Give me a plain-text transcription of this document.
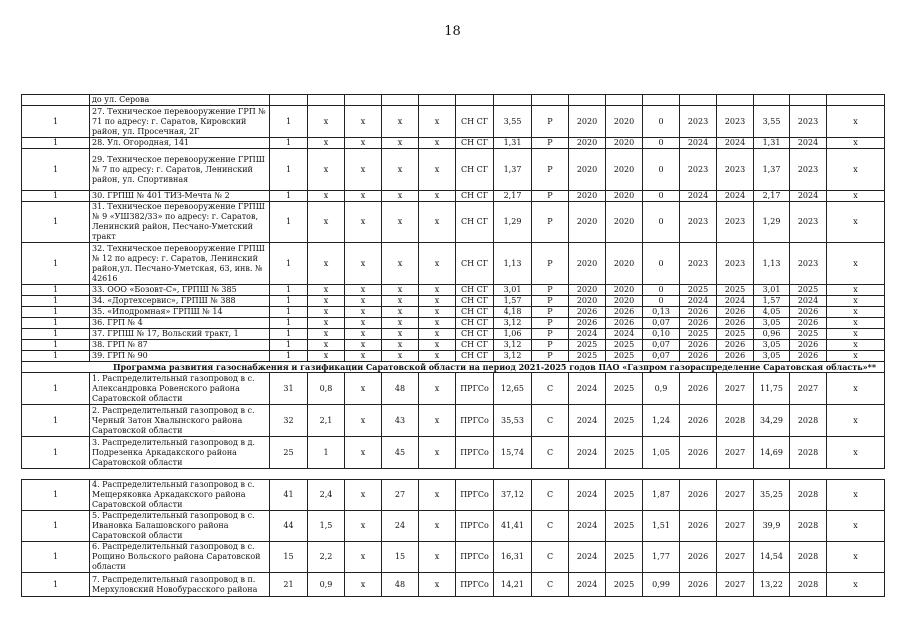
18
	до ул. Серова																
1	27. Техническое перевооружение ГРП № 71 по адресу: г. Саратов, Кировский район, ул. Просечная, 2Г	1	x	x	x	x	СН СГ	3,55	Р	2020	2020	0	2023	2023	3,55	2023	x
1	28. Ул. Огородная, 141	1	x	x	x	x	СН СГ	1,31	Р	2020	2020	0	2024	2024	1,31	2024	x
1	29. Техническое перевооружение ГРПШ № 7 по адресу: г. Саратов, Ленинский район, ул. Спортивная	1	x	x	x	x	СН СГ	1,37	Р	2020	2020	0	2023	2023	1,37	2023	x
1	30. ГРПШ № 401 ТИЗ-Мечта № 2	1	x	x	x	x	СН СГ	2,17	Р	2020	2020	0	2024	2024	2,17	2024	x
1	31. Техническое перевооружение ГРПШ № 9 «УШЗ82/33» по адресу: г. Саратов, Ленинский район, Песчано-Уметский тракт	1	x	x	x	x	СН СГ	1,29	Р	2020	2020	0	2023	2023	1,29	2023	x
1	32. Техническое перевооружение ГРПШ № 12 по адресу: г. Саратов, Ленинский район,ул. Песчано-Уметская, 63, инв. № 42616	1	x	x	x	x	СН СГ	1,13	Р	2020	2020	0	2023	2023	1,13	2023	x
1	33. ООО «Бозовт-С», ГРПШ № 385	1	x	x	x	x	СН СГ	3,01	Р	2020	2020	0	2025	2025	3,01	2025	x
1	34. «Дортехсервис», ГРПШ № 388	1	x	x	x	x	СН СГ	1,57	Р	2020	2020	0	2024	2024	1,57	2024	x
1	35. «Иподромная» ГРПШ № 14	1	x	x	x	x	СН СГ	4,18	Р	2026	2026	0,13	2026	2026	4,05	2026	x
1	36. ГРП № 4	1	x	x	x	x	СН СГ	3,12	Р	2026	2026	0,07	2026	2026	3,05	2026	x
1	37. ГРПШ № 17, Вольский тракт, 1	1	x	x	x	x	СН СГ	1,06	Р	2024	2024	0,10	2025	2025	0,96	2025	x
1	38. ГРП № 87	1	x	x	x	x	СН СГ	3,12	Р	2025	2025	0,07	2026	2026	3,05	2026	x
1	39. ГРП № 90	1	x	x	x	x	СН СГ	3,12	Р	2025	2025	0,07	2026	2026	3,05	2026	x
Программа развития газоснабжения и газификации Саратовской области на период 2021-2025 годов ПАО «Газпром газораспределение Саратовская область»**																	
1	1. Распределительный газопровод в с. Александровка Ровенского района Саратовской области	31	0,8	x	48	x	ПРГСо	12,65	С	2024	2025	0,9	2026	2027	11,75	2027	x
1	2. Распределительный газопровод в с. Черный Затон Хвалынского района Саратовской области	32	2,1	x	43	x	ПРГСо	35,53	С	2024	2025	1,24	2026	2028	34,29	2028	x
1	3. Распределительный газопровод в д. Подрезенка Аркадакского района Саратовской области	25	1	x	45	x	ПРГСо	15,74	С	2024	2025	1,05	2026	2027	14,69	2028	x
1	4. Распределительный газопровод в с. Мещеряковка Аркадакского района Саратовской области	41	2,4	x	27	x	ПРГСо	37,12	С	2024	2025	1,87	2026	2027	35,25	2028	x
1	5. Распределительный газопровод в с. Ивановка Балашовского района Саратовской области	44	1,5	x	24	x	ПРГСо	41,41	С	2024	2025	1,51	2026	2027	39,9	2028	x
1	6. Распределительный газопровод в с. Рощино Вольского района Саратовской области	15	2,2	x	15	x	ПРГСо	16,31	С	2024	2025	1,77	2026	2027	14,54	2028	x
1	7. Распределительный газопровод в п. Мерхуловский Новобурасского района	21	0,9	x	48	x	ПРГСо	14,21	С	2024	2025	0,99	2026	2027	13,22	2028	x
